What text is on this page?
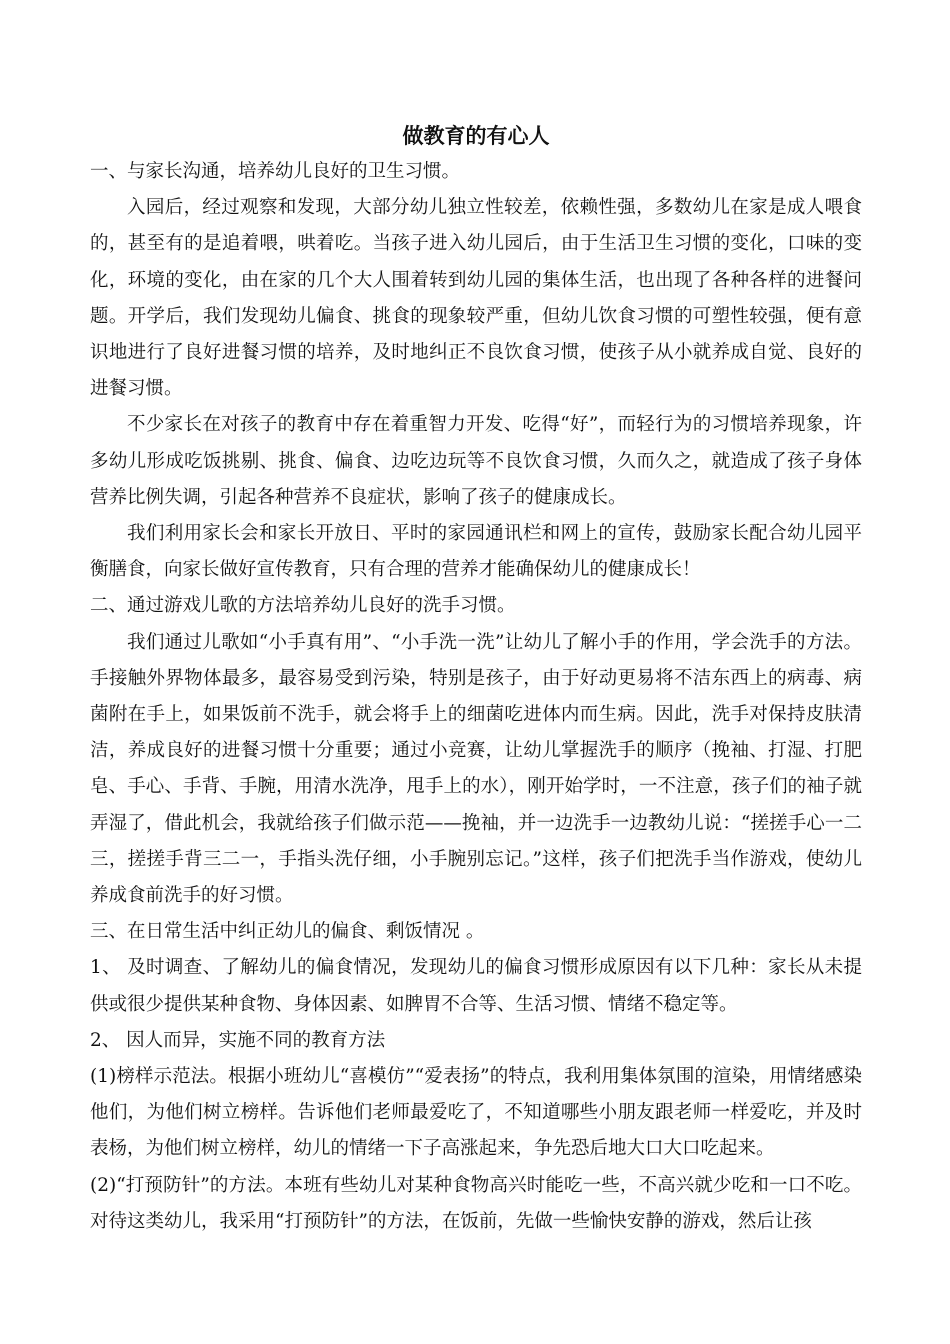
做教育的有心人

一、与家长沟通，培养幼儿良好的卫生习惯。

入园后，经过观察和发现，大部分幼儿独立性较差，依赖性强，多数幼儿在家是成人喂食的，甚至有的是追着喂，哄着吃。当孩子进入幼儿园后，由于生活卫生习惯的变化，口味的变化，环境的变化，由在家的几个大人围着转到幼儿园的集体生活，也出现了各种各样的进餐问题。开学后，我们发现幼儿偏食、挑食的现象较严重，但幼儿饮食习惯的可塑性较强，便有意识地进行了良好进餐习惯的培养，及时地纠正不良饮食习惯，使孩子从小就养成自觉、良好的进餐习惯。

不少家长在对孩子的教育中存在着重智力开发、吃得“好”，而轻行为的习惯培养现象，许多幼儿形成吃饭挑剔、挑食、偏食、边吃边玩等不良饮食习惯，久而久之，就造成了孩子身体营养比例失调，引起各种营养不良症状，影响了孩子的健康成长。

我们利用家长会和家长开放日、平时的家园通讯栏和网上的宣传，鼓励家长配合幼儿园平衡膳食，向家长做好宣传教育，只有合理的营养才能确保幼儿的健康成长！

二、通过游戏儿歌的方法培养幼儿良好的洗手习惯。

我们通过儿歌如“小手真有用”、“小手洗一洗”让幼儿了解小手的作用，学会洗手的方法。手接触外界物体最多，最容易受到污染，特别是孩子，由于好动更易将不洁东西上的病毒、病菌附在手上，如果饭前不洗手，就会将手上的细菌吃进体内而生病。因此，洗手对保持皮肤清洁，养成良好的进餐习惯十分重要；通过小竞赛，让幼儿掌握洗手的顺序（挽袖、打湿、打肥皂、手心、手背、手腕，用清水洗净，甩手上的水），刚开始学时，一不注意，孩子们的袖子就弄湿了，借此机会，我就给孩子们做示范——挽袖，并一边洗手一边教幼儿说：“搓搓手心一二三，搓搓手背三二一，手指头洗仔细，小手腕别忘记。”这样，孩子们把洗手当作游戏，使幼儿养成食前洗手的好习惯。

三、在日常生活中纠正幼儿的偏食、剩饭情况 。

1、 及时调查、了解幼儿的偏食情况，发现幼儿的偏食习惯形成原因有以下几种：家长从未提供或很少提供某种食物、身体因素、如脾胃不合等、生活习惯、情绪不稳定等。

2、 因人而异，实施不同的教育方法

(1)榜样示范法。根据小班幼儿“喜模仿”“爱表扬”的特点，我利用集体氛围的渲染，用情绪感染他们，为他们树立榜样。告诉他们老师最爱吃了，不知道哪些小朋友跟老师一样爱吃，并及时表杨，为他们树立榜样，幼儿的情绪一下子高涨起来，争先恐后地大口大口吃起来。

(2)“打预防针”的方法。本班有些幼儿对某种食物高兴时能吃一些，不高兴就少吃和一口不吃。对待这类幼儿，我采用“打预防针”的方法，在饭前，先做一些愉快安静的游戏，然后让孩
